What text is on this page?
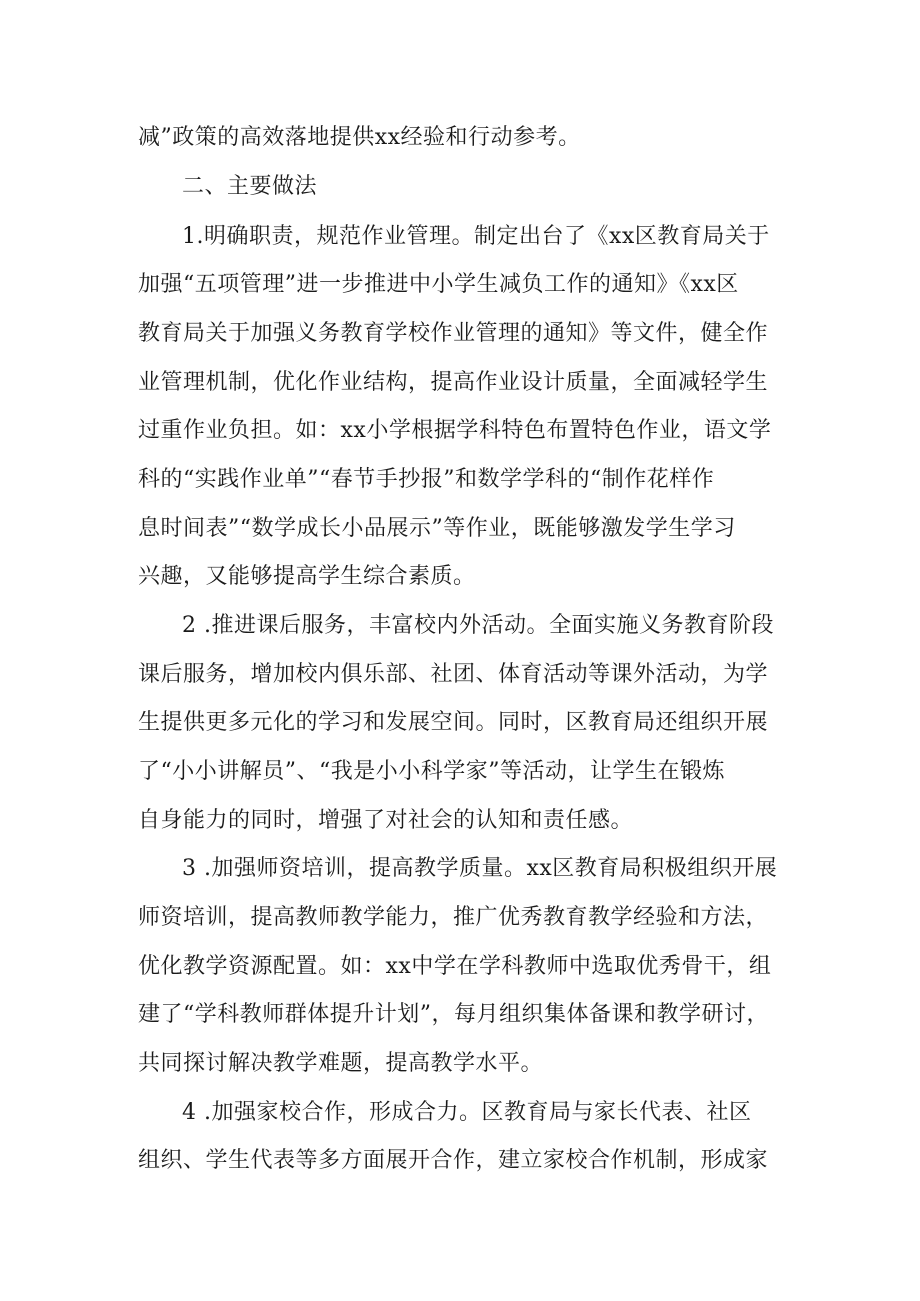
减”政策的高效落地提供xx经验和行动参考。
二、主要做法
1.明确职责，规范作业管理。制定出台了《xx区教育局关于
加强“五项管理”进一步推进中小学生减负工作的通知》《xx区
教育局关于加强义务教育学校作业管理的通知》等文件，健全作
业管理机制，优化作业结构，提高作业设计质量，全面减轻学生
过重作业负担。如：xx小学根据学科特色布置特色作业，语文学
科的“实践作业单”“春节手抄报”和数学学科的“制作花样作
息时间表”“数学成长小品展示”等作业，既能够激发学生学习
兴趣，又能够提高学生综合素质。
2 .推进课后服务，丰富校内外活动。全面实施义务教育阶段
课后服务，增加校内俱乐部、社团、体育活动等课外活动，为学
生提供更多元化的学习和发展空间。同时，区教育局还组织开展
了“小小讲解员”、“我是小小科学家”等活动，让学生在锻炼
自身能力的同时，增强了对社会的认知和责任感。
3 .加强师资培训，提高教学质量。xx区教育局积极组织开展
师资培训，提高教师教学能力，推广优秀教育教学经验和方法，
优化教学资源配置。如：xx中学在学科教师中选取优秀骨干，组
建了“学科教师群体提升计划”，每月组织集体备课和教学研讨，
共同探讨解决教学难题，提高教学水平。
4 .加强家校合作，形成合力。区教育局与家长代表、社区
组织、学生代表等多方面展开合作，建立家校合作机制，形成家
